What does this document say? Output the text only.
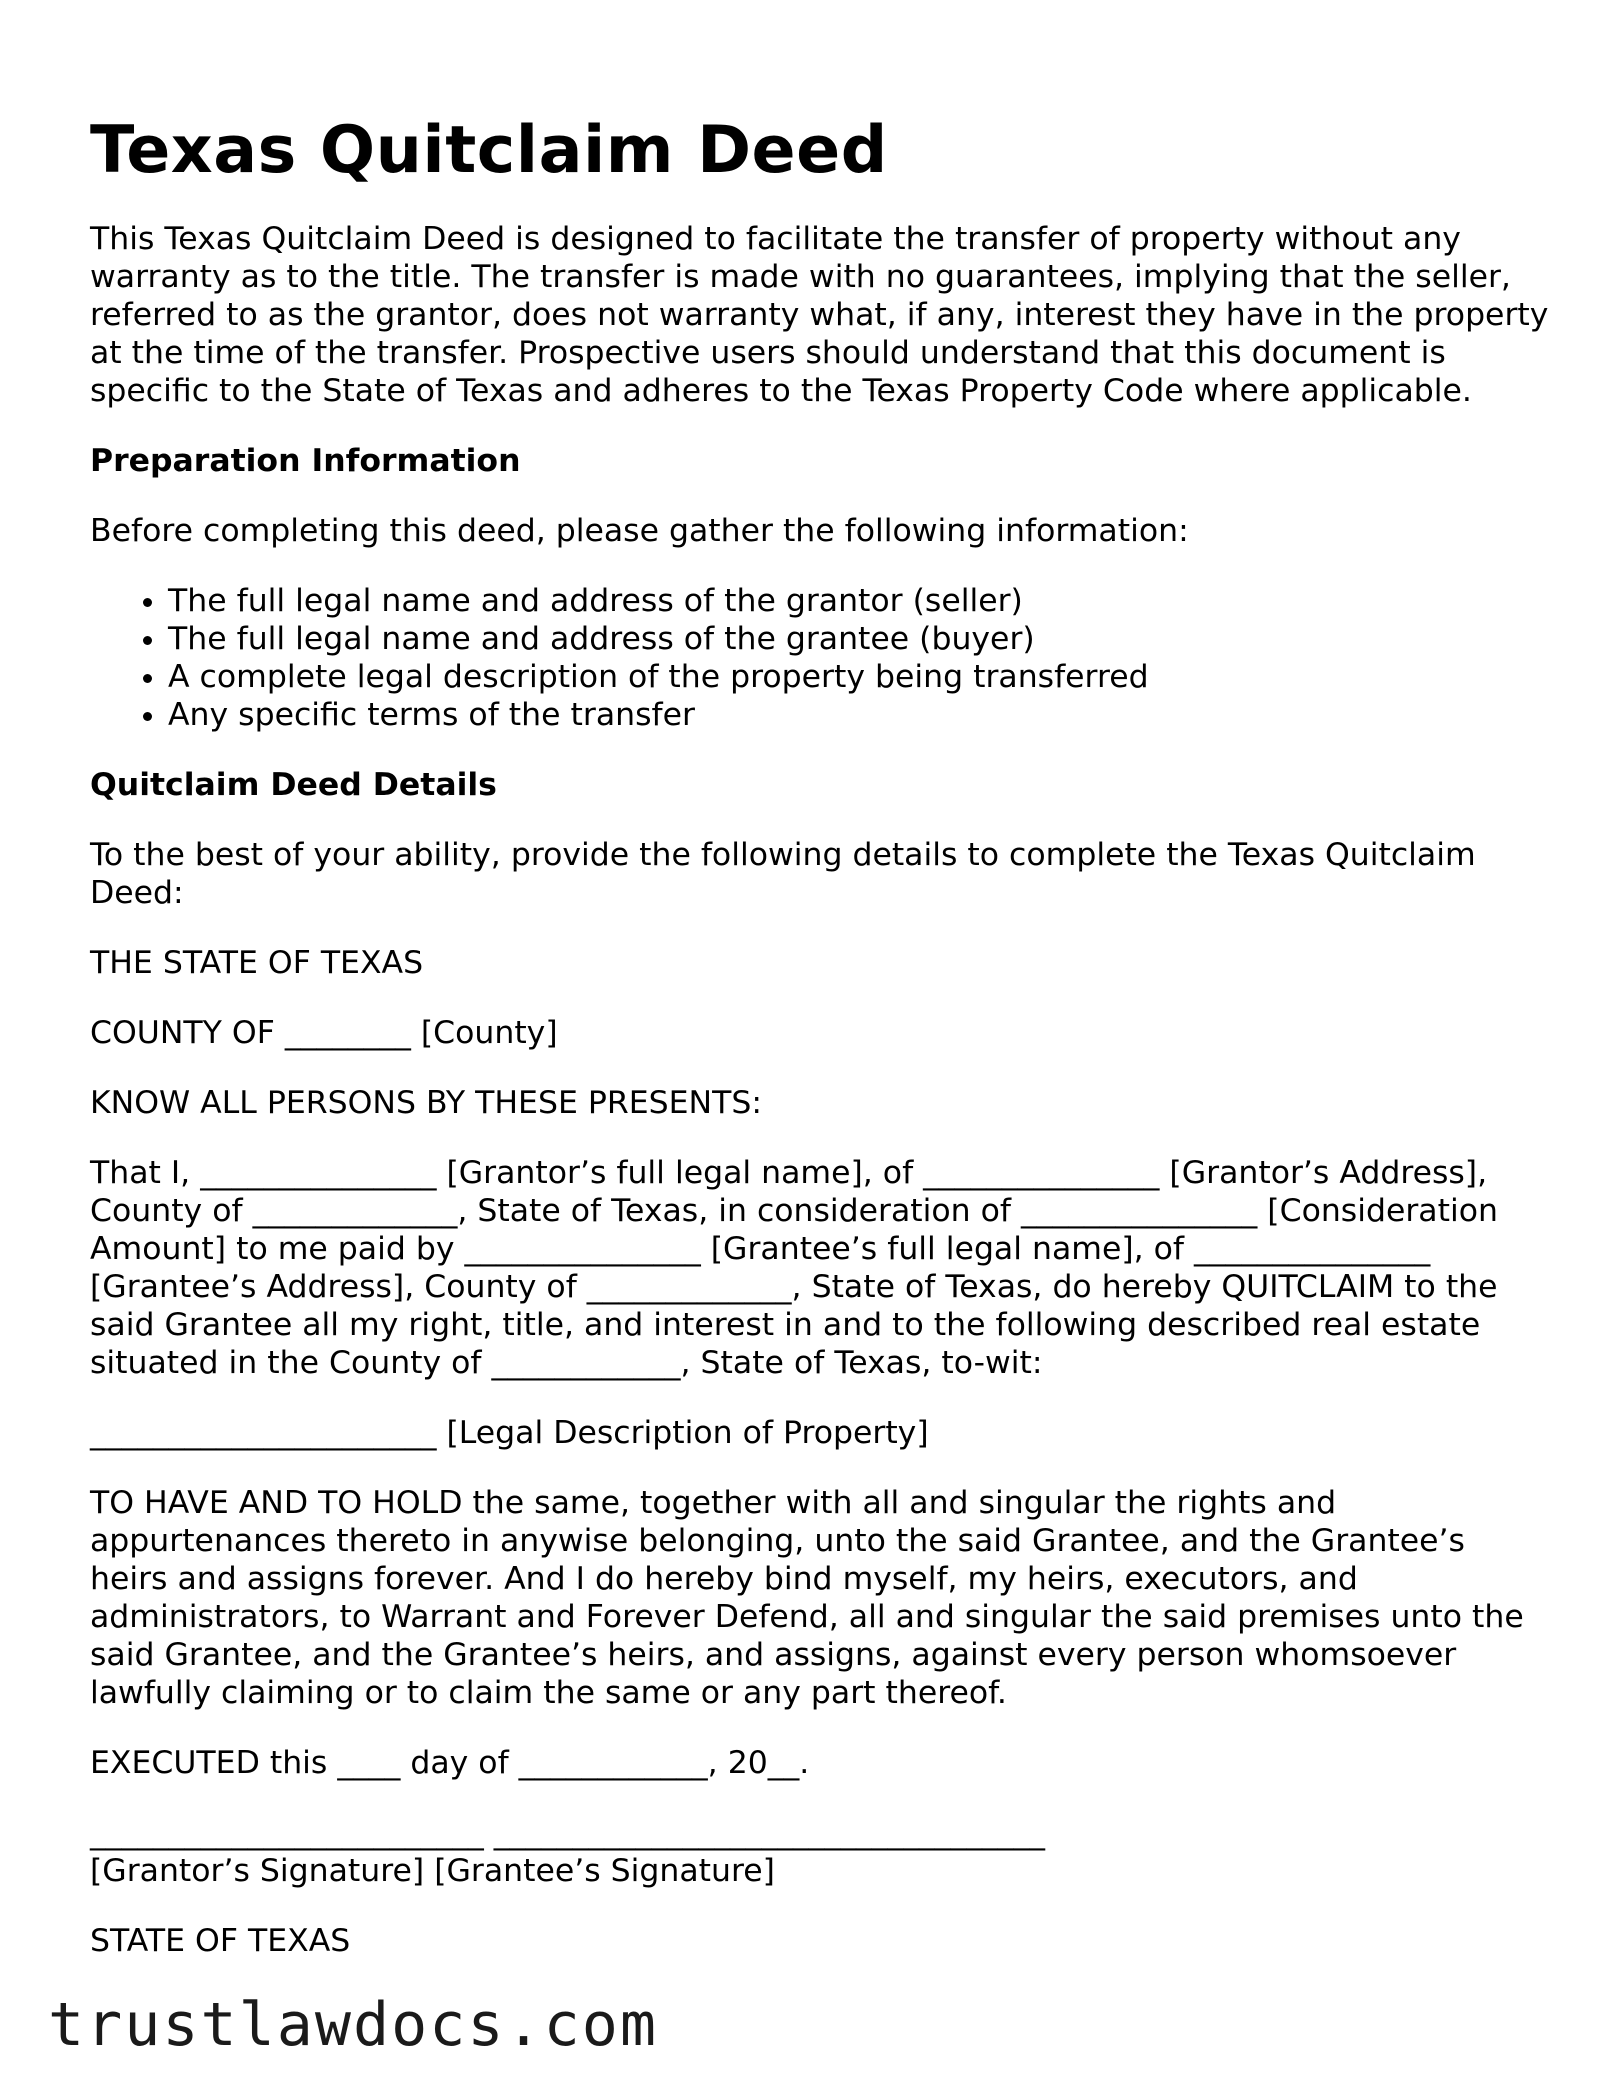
Texas Quitclaim Deed

This Texas Quitclaim Deed is designed to facilitate the transfer of property without any warranty as to the title. The transfer is made with no guarantees, implying that the seller, referred to as the grantor, does not warranty what, if any, interest they have in the property at the time of the transfer. Prospective users should understand that this document is specific to the State of Texas and adheres to the Texas Property Code where applicable.

Preparation Information

Before completing this deed, please gather the following information:

• The full legal name and address of the grantor (seller)
• The full legal name and address of the grantee (buyer)
• A complete legal description of the property being transferred
• Any specific terms of the transfer
Quitclaim Deed Details

To the best of your ability, provide the following details to complete the Texas Quitclaim Deed:

THE STATE OF TEXAS

COUNTY OF ________ [County]

KNOW ALL PERSONS BY THESE PRESENTS:

That I, _______________ [Grantor’s full legal name], of _______________ [Grantor’s Address], County of _____________, State of Texas, in consideration of _______________ [Consideration Amount] to me paid by _______________ [Grantee’s full legal name], of _______________ [Grantee’s Address], County of _____________, State of Texas, do hereby QUITCLAIM to the said Grantee all my right, title, and interest in and to the following described real estate situated in the County of ____________, State of Texas, to-wit:

______________________ [Legal Description of Property]

TO HAVE AND TO HOLD the same, together with all and singular the rights and appurtenances thereto in anywise belonging, unto the said Grantee, and the Grantee’s heirs and assigns forever. And I do hereby bind myself, my heirs, executors, and administrators, to Warrant and Forever Defend, all and singular the said premises unto the said Grantee, and the Grantee’s heirs, and assigns, against every person whomsoever lawfully claiming or to claim the same or any part thereof.

EXECUTED this ____ day of ____________, 20__.

_________________________ ___________________________________

[Grantor’s Signature] [Grantee’s Signature]

STATE OF TEXAS

trustlawdocs.com
